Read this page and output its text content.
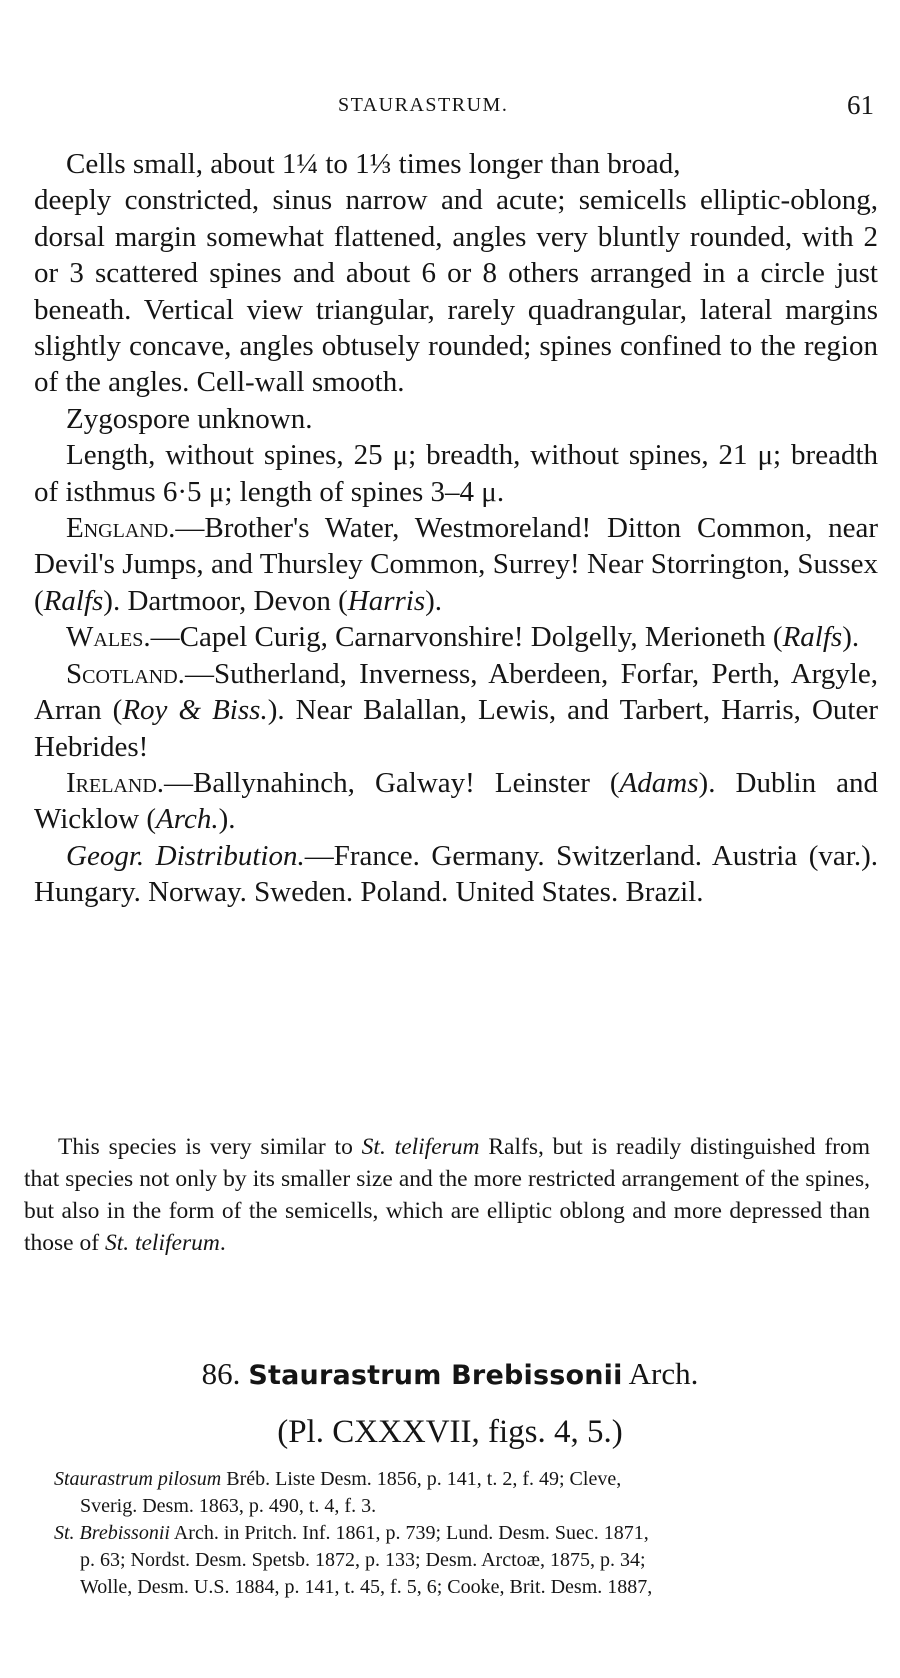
STAURASTRUM.	61

Cells small, about 1¼ to 1⅓ times longer than broad,

deeply constricted, sinus narrow and acute; semicells elliptic-oblong, dorsal margin somewhat flattened, angles very bluntly rounded, with 2 or 3 scattered spines and about 6 or 8 others arranged in a circle just beneath. Vertical view triangular, rarely quadrangular, lateral margins slightly concave, angles obtusely rounded; spines confined to the region of the angles. Cell-wall smooth.

Zygospore unknown.

Length, without spines, 25 μ; breadth, without spines, 21 μ; breadth of isthmus 6·5 μ; length of spines 3–4 μ.

England.—Brother's Water, Westmoreland! Ditton Common, near Devil's Jumps, and Thursley Common, Surrey! Near Storrington, Sussex (Ralfs). Dartmoor, Devon (Harris).

Wales.—Capel Curig, Carnarvonshire! Dolgelly, Merioneth (Ralfs).

Scotland.—Sutherland, Inverness, Aberdeen, Forfar, Perth, Argyle, Arran (Roy & Biss.). Near Balallan, Lewis, and Tarbert, Harris, Outer Hebrides!

Ireland.—Ballynahinch, Galway! Leinster (Adams). Dublin and Wicklow (Arch.).

Geogr. Distribution.—France. Germany. Switzerland. Austria (var.). Hungary. Norway. Sweden. Poland. United States. Brazil.

This species is very similar to St. teliferum Ralfs, but is readily distinguished from that species not only by its smaller size and the more restricted arrangement of the spines, but also in the form of the semicells, which are elliptic oblong and more depressed than those of St. teliferum.

86. Staurastrum Brebissonii Arch.
(Pl. CXXXVII, figs. 4, 5.)

Staurastrum pilosum Bréb. Liste Desm. 1856, p. 141, t. 2, f. 49; Cleve,

Sverig. Desm. 1863, p. 490, t. 4, f. 3.

St. Brebissonii Arch. in Pritch. Inf. 1861, p. 739; Lund. Desm. Suec. 1871,

p. 63; Nordst. Desm. Spetsb. 1872, p. 133; Desm. Arctoæ, 1875, p. 34;

Wolle, Desm. U.S. 1884, p. 141, t. 45, f. 5, 6; Cooke, Brit. Desm. 1887,
